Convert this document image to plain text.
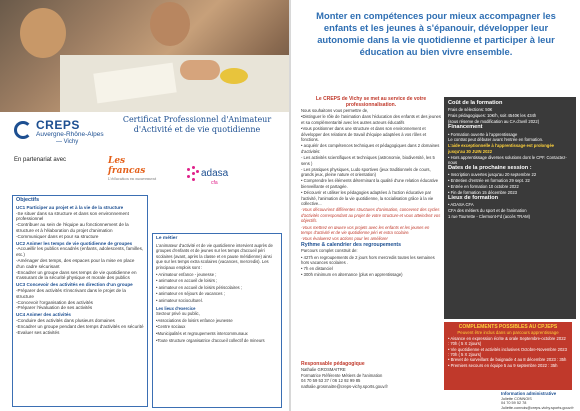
CREPS
Auvergne-Rhône-Alpes
— Vichy
Certificat Professionnel d'Animateur d'Activité et de vie quotidienne
En partenariat avec	Les francas
L'éducation en mouvement	adasa
cfa
Objectifs
UC1 Participer au projet et à la vie de la structure

-Se situer dans sa structure et dans son environnement professionnel

-Contribuer au sein de l'équipe au fonctionnement de la structure et à l'élaboration du projet d'animation

-Communiquer dans et pour sa structure

UC2 Animer les temps de vie quotidienne de groupes

-Accueillir les publics encadrés (enfants, adolescents, familles, etc.)

-Aménager des temps, des espaces pour la mise en place d'un cadre sécurisant

-Encadrer un groupe dans ses temps de vie quotidienne en s'assurant de la sécurité physique et morale des publics

UC3 Concevoir des activités en direction d'un groupe

-Préparer des activités s'inscrivant dans le projet de la structure

-Concevoir l'organisation des activités

-Préparer l'évaluation de ses activités

UC4 Animer des activités

-Conduire des activités dans plusieurs domaines

-Encadrer un groupe pendant des temps d'activités en sécurité

-Evaluer ses activités

Le métier

L'animateur d'activité et de vie quotidienne intervient auprès de groupes d'enfants et de jeunes sur les temps d'accueil péri scolaires (avant, après la classe et en pause méridienne) ainsi que sur les temps extra scolaires (vacances, mercredis). Les principaux emplois sont :

• Animateur enfance - jeunesse ;

• animateur en accueil de loisirs ;

• animateur en accueil de loisirs périscolaires ;

• animateur en séjours de vacances ;

• animateur socioculturel.

Les lieux d'exercice

Secteur privé ou public,

•Associations de loisirs enfance jeunesse

•Centre sociaux

•Municipalités et regroupements intercommunaux

•Toute structure organisatrice d'accueil collectif de mineurs

Monter en compétences pour mieux accompagner les enfants et les jeunes à s'épanouir, développer leur autonomie dans la vie quotidienne et participer à leur éducation au bien vivre ensemble.
Le CREPS de Vichy se met au service de votre professionnalisation.

Nous souhaitons vous permettre de,

•Distinguer le rôle de l'animation dans l'éducation des enfants et des jeunes et sa complémentarité avec les autres acteurs éducatifs

•Vous positionner dans une structure et dans son environnement et développer des relations de travail d'équipe adaptées à vos rôles et fonctions.

• acquérir des compétences techniques et pédagogiques dans 2 domaines d'activités:

- Les activités scientifiques et techniques (astronomie, biodiversité, les 5 sens )

- Les pratiques physiques, Ludo sportives (jeux traditionnels de cours, grands jeux, pleine nature et orientation)

• Comprendre les éléments déterminant la qualité d'une relation éducative bienveillante et partagée.

• Découvrir et utiliser les pédagogies adaptées à l'action éducative par l'activité, l'animation de la vie quotidienne, la socialisation grâce à la vie collective...

-Vous découvrirez différentes structures d'animation, concevrez des cycles d'activités correspondant au projet de votre structure et vous atteindrez vos objectifs.

-Vous mettrez en œuvre vos projets avec les enfants et les jeunes en temps d'activité et de vie quotidienne péri et extra scolaire.

-Vous évaluerez vos actions pour les améliorer

Rythme & calendrier des regroupements

Parcours complet construit de:

• 427h en regroupements de 2 jours hors mercredis toutes les semaines hors vacances scolaires .

• 7h en distanciel

• 300h minimum en alternance (plus en apprentissage)

Coût de la formation

Frais de sélections: 50€

Frais pédagogiques: 10€/h, soit 4540€ les 434h

(sous réserve de modification au CA d'avril 2022)

Financement

• Formation ouverte à l'apprentissage

Le contrat peut débuter avant l'entrée en formation.

L'aide exceptionnelle à l'apprentissage est prolongée jusqu'au 30 JUIN 2022

• Hors apprentissage diverses solutions dont le CPF. Contactez-nous

Dates de la prochaine session :

• Inscription ouvertes jusqu'au 20 septembre 22

• Entretien d'entrée en formation 29 sept. 22

• Entrée en formation 10 octobre 2022

• Fin de formation 15 décembre 2023

Lieux de formation

• ADASA CFA

CFA des métiers du sport et de l'animation

1 rue Tourrette - Clermont-Fd (accès TRAM)

COMPLEMENTS POSSIBLES AU CPJEPS
Peuvent être inclus dans un parcours apprentissage

• Aisance en expression écrite & orale Septembre-octobre 2022 : 70h ( 5 X 2jours)

• Vie quotidienne et activités inclusives Octobre-Novembre 2023 : 70h ( 5 X 2jours)

• Brevet de surveillant de baignade 4 au 8 décembre 2023 : 35h

• Premiers secours en équipe 5 au 9 septembre 2022 : 35h

Responsable pédagogique
Nathalie GROSMAITRE
Formatrice Référente Métiers de l'animation
04 70 59 53 37 / 06 12 92 99 85
nathalie.grosmaitre@creps-vichy.sports.gouv.fr
Information administrative
Juliette CONNOIS
04 70 59 52 78
Juliette.connois@creps-vichy.sports.gouv.fr
